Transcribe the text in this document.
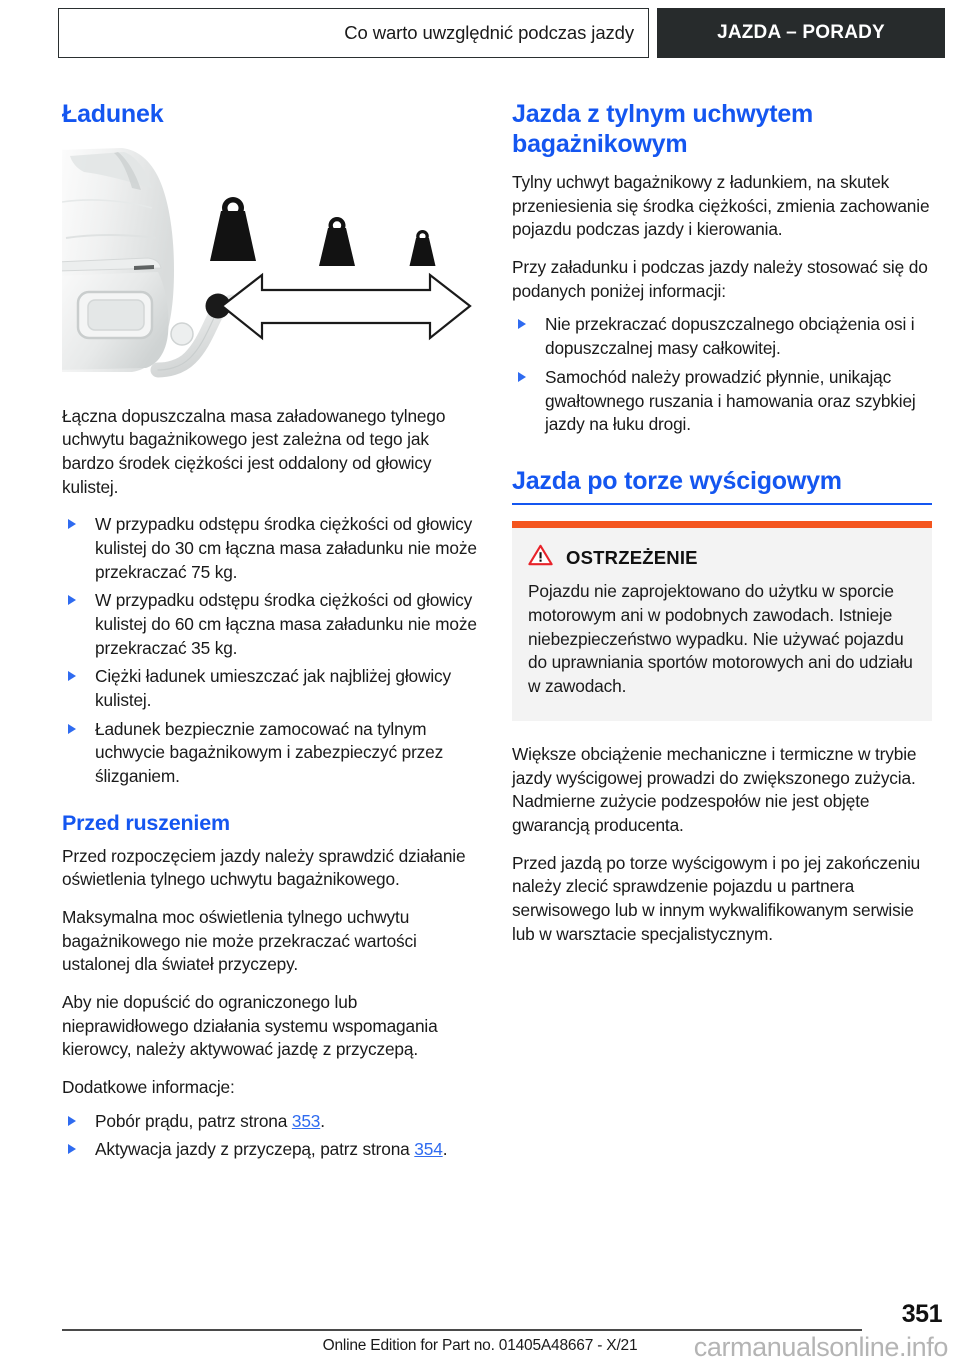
Co warto uwzględnić podczas jazdy	JAZDA – PORADY
Ładunek

Łączna dopuszczalna masa załadowanego tylnego uchwytu bagażnikowego jest zależna od tego jak bardzo środek ciężkości jest oddalony od głowicy kulistej.

W przypadku odstępu środka ciężkości od głowicy kulistej do 30 cm łączna masa załadunku nie może przekraczać 75 kg.
W przypadku odstępu środka ciężkości od głowicy kulistej do 60 cm łączna masa załadunku nie może przekraczać 35 kg.
Ciężki ładunek umieszczać jak najbliżej głowicy kulistej.
Ładunek bezpiecznie zamocować na tylnym uchwycie bagażnikowym i zabezpieczyć przez ślizganiem.
Przed ruszeniem

Przed rozpoczęciem jazdy należy sprawdzić działanie oświetlenia tylnego uchwytu bagażnikowego.

Maksymalna moc oświetlenia tylnego uchwytu bagażnikowego nie może przekraczać wartości ustalonej dla świateł przyczepy.

Aby nie dopuścić do ograniczonego lub nieprawidłowego działania systemu wspomagania kierowcy, należy aktywować jazdę z przyczepą.

Dodatkowe informacje:

Pobór prądu, patrz strona 353.
Aktywacja jazdy z przyczepą, patrz strona 354.
Jazda z tylnym uchwytem bagażnikowym

Tylny uchwyt bagażnikowy z ładunkiem, na skutek przeniesienia się środka ciężkości, zmienia zachowanie pojazdu podczas jazdy i kierowania.

Przy załadunku i podczas jazdy należy stosować się do podanych poniżej informacji:

Nie przekraczać dopuszczalnego obciążenia osi i dopuszczalnej masy całkowitej.
Samochód należy prowadzić płynnie, unikając gwałtownego ruszania i hamowania oraz szybkiej jazdy na łuku drogi.
Jazda po torze wyścigowym
OSTRZEŻENIE

Pojazdu nie zaprojektowano do użytku w sporcie motorowym ani w podobnych zawodach. Istnieje niebezpieczeństwo wypadku. Nie używać pojazdu do uprawniania sportów motorowych ani do udziału w zawodach.

Większe obciążenie mechaniczne i termiczne w trybie jazdy wyścigowej prowadzi do zwiększonego zużycia. Nadmierne zużycie podzespołów nie jest objęte gwarancją producenta.

Przed jazdą po torze wyścigowym i po jej zakończeniu należy zlecić sprawdzenie pojazdu u partnera serwisowego lub w innym wykwalifikowanym serwisie lub w warsztacie specjalistycznym.

351
Online Edition for Part no. 01405A48667 - X/21	carmanualsonline.info
